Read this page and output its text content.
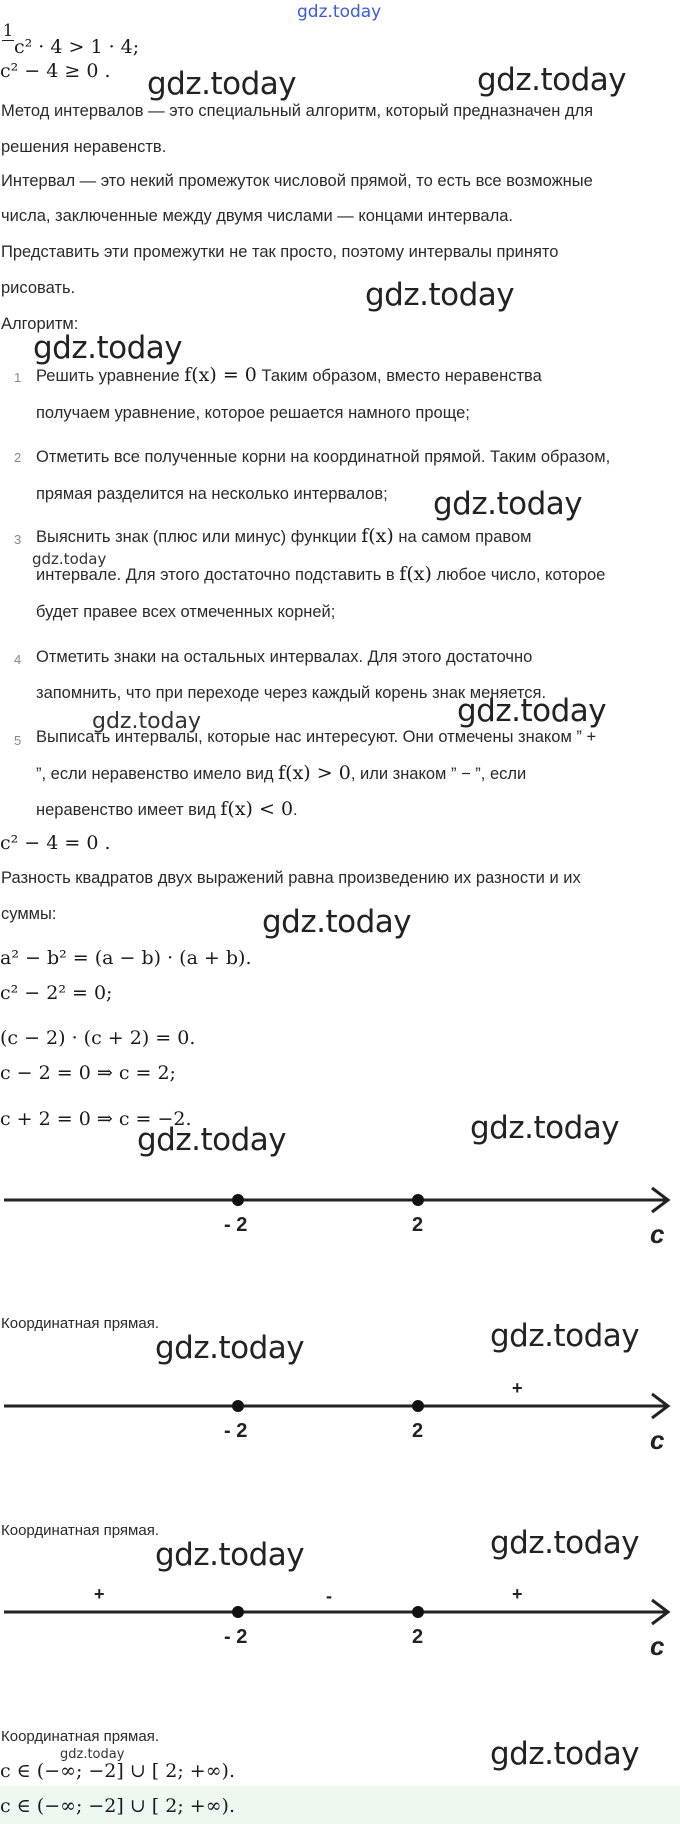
gdz.today
1
c² · 4 > 1 · 4;
c² − 4 ≥ 0 . gdz.today	gdz.today
Метод интервалов — это специальный алгоритм, который предназначен для
решения неравенств.
Интервал — это некий промежуток числовой прямой, то есть все возможные
числа, заключенные между двумя числами — концами интервала.
Представить эти промежутки не так просто, поэтому интервалы принято
рисовать.	gdz.today
Алгоритм:
gdz.today
1 Решить уравнение f(x) = 0 Таким образом, вместо неравенства
получаем уравнение, которое решается намного проще;
2 Отметить все полученные корни на координатной прямой. Таким образом,
прямая разделится на несколько интервалов; gdz.today
3 Выяснить знак (плюс или минус) функции f(x) на самом правом
gdz.today
интервале. Для этого достаточно подставить в f(x) любое число, которое
будет правее всех отмеченных корней;
4 Отметить знаки на остальных интервалах. Для этого достаточно
запомнить, что при переходе через каждый корень знак меняется.
gdz.today	gdz.today
5 Выписать интервалы, которые нас интересуют. Они отмечены знаком ” +
”, если неравенство имело вид f(x) > 0, или знаком ” − ”, если
неравенство имеет вид f(x) < 0.
c² − 4 = 0 .
Разность квадратов двух выражений равна произведению их разности и их
суммы:	gdz.today
a² − b² = (a − b) · (a + b).
c² − 2² = 0;
(c − 2) · (c + 2) = 0.
c − 2 = 0 ⇒ c = 2;
c + 2 = 0 ⇒ c = −2.
gdz.today	gdz.today
- 2	2	c
Координатная прямая.
gdz.today	gdz.today
+
- 2	2	c
Координатная прямая.
gdz.today	gdz.today
+	-	+
- 2	2	c
Координатная прямая.	gdz.today
gdz.today
c ∈ (−∞; −2] ∪ [ 2; +∞).
c ∈ (−∞; −2] ∪ [ 2; +∞).
